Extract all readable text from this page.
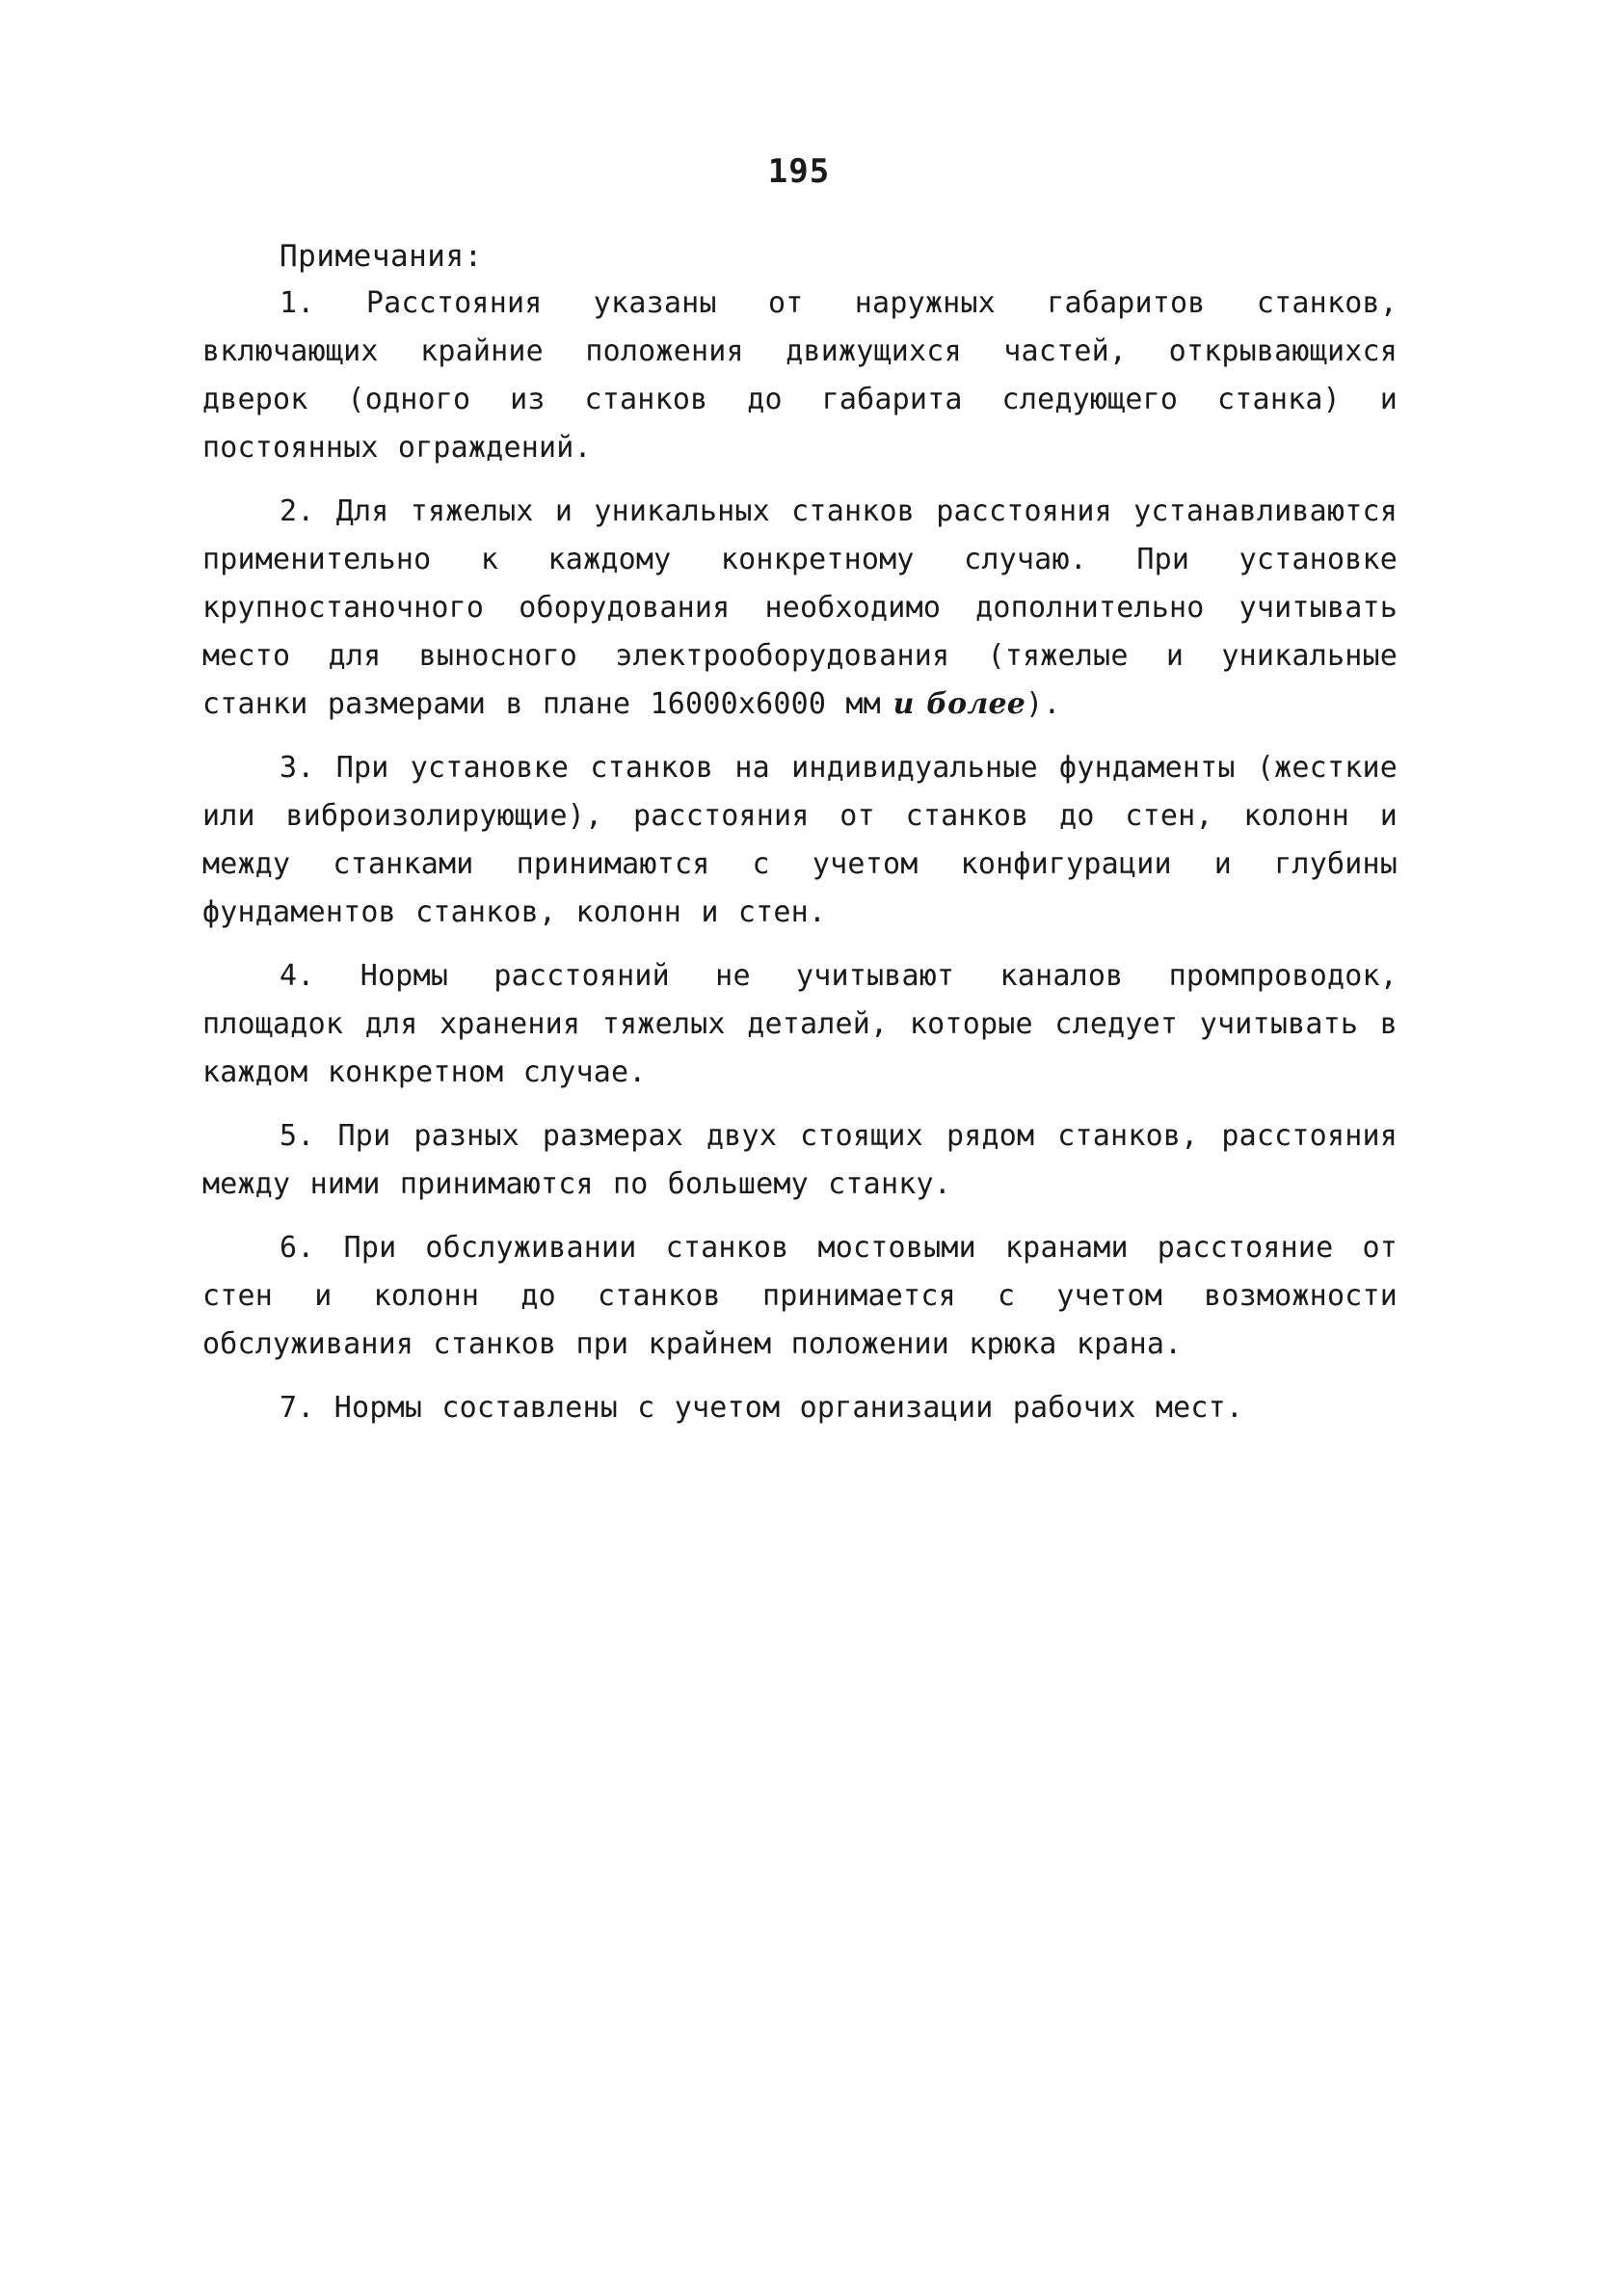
195
Примечания:

1. Расстояния указаны от наружных габаритов станков, включающих крайние положения движущихся частей, открывающихся дверок (одного из станков до габарита следующего станка) и постоянных ограждений.

2. Для тяжелых и уникальных станков расстояния устанавливаются применительно к каждому конкретному случаю. При установке крупностаночного оборудования необходимо дополнительно учитывать место для выносного электрооборудования (тяжелые и уникальные станки размерами в плане 16000x6000 мм и более).

3. При установке станков на индивидуальные фундаменты (жесткие или виброизолирующие), расстояния от станков до стен, колонн и между станками принимаются с учетом конфигурации и глубины фундаментов станков, колонн и стен.

4. Нормы расстояний не учитывают каналов промпроводок, площадок для хранения тяжелых деталей, которые следует учитывать в каждом конкретном случае.

5. При разных размерах двух стоящих рядом станков, расстояния между ними принимаются по большему станку.

6. При обслуживании станков мостовыми кранами расстояние от стен и колонн до станков принимается с учетом возможности обслуживания станков при крайнем положении крюка крана.

7. Нормы составлены с учетом организации рабочих мест.
